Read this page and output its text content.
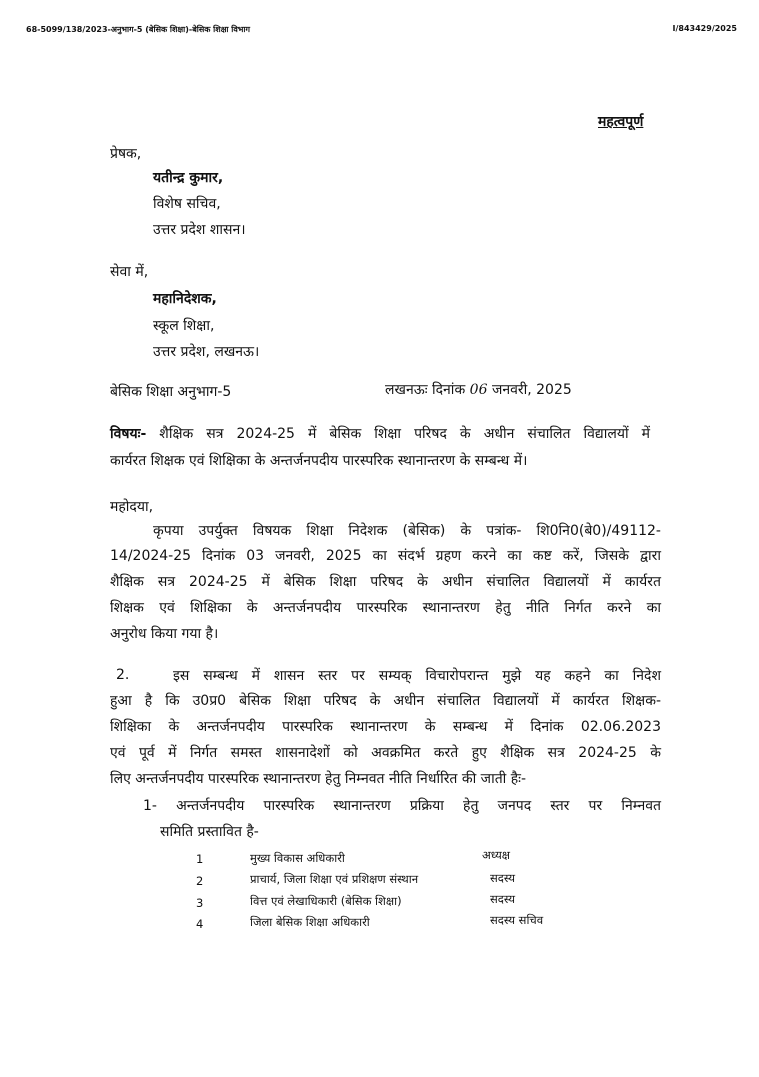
68-5099/138/2023-अनुभाग-5 (बेसिक शिक्षा)-बेसिक शिक्षा विभाग	I/843429/2025
महत्वपूर्ण
प्रेषक,
यतीन्द्र कुमार,
विशेष सचिव,
उत्तर प्रदेश शासन।
सेवा में,
महानिदेशक,
स्कूल शिक्षा,
उत्तर प्रदेश, लखनऊ।
बेसिक शिक्षा अनुभाग-5	लखनऊः दिनांक 06 जनवरी, 2025
विषयः- शैक्षिक सत्र 2024-25 में बेसिक शिक्षा परिषद के अधीन संचालित विद्यालयों में
कार्यरत शिक्षक एवं शिक्षिका के अन्तर्जनपदीय पारस्परिक स्थानान्तरण के सम्बन्ध में।
महोदया,
कृपया उपर्युक्त विषयक शिक्षा निदेशक (बेसिक) के पत्रांक- शि0नि0(बे0)/49112-
14/2024-25 दिनांक 03 जनवरी, 2025 का संदर्भ ग्रहण करने का कष्ट करें, जिसके द्वारा
शैक्षिक सत्र 2024-25 में बेसिक शिक्षा परिषद के अधीन संचालित विद्यालयों में कार्यरत
शिक्षक एवं शिक्षिका के अन्तर्जनपदीय पारस्परिक स्थानान्तरण हेतु नीति निर्गत करने का
अनुरोध किया गया है।
2.	इस सम्बन्ध में शासन स्तर पर सम्यक् विचारोपरान्त मुझे यह कहने का निदेश
हुआ है कि उ0प्र0 बेसिक शिक्षा परिषद के अधीन संचालित विद्यालयों में कार्यरत शिक्षक-
शिक्षिका के अन्तर्जनपदीय पारस्परिक स्थानान्तरण के सम्बन्ध में दिनांक 02.06.2023
एवं पूर्व में निर्गत समस्त शासनादेशों को अवक्रमित करते हुए शैक्षिक सत्र 2024-25 के
लिए अन्तर्जनपदीय पारस्परिक स्थानान्तरण हेतु निम्नवत नीति निर्धारित की जाती हैः-
1- अन्तर्जनपदीय पारस्परिक स्थानान्तरण प्रक्रिया हेतु जनपद स्तर पर निम्नवत
समिति प्रस्तावित है-
1	मुख्य विकास अधिकारी	अध्यक्ष
2	प्राचार्य, जिला शिक्षा एवं प्रशिक्षण संस्थान	सदस्य
3	वित्त एवं लेखाधिकारी (बेसिक शिक्षा)	सदस्य
4	जिला बेसिक शिक्षा अधिकारी	सदस्य सचिव
